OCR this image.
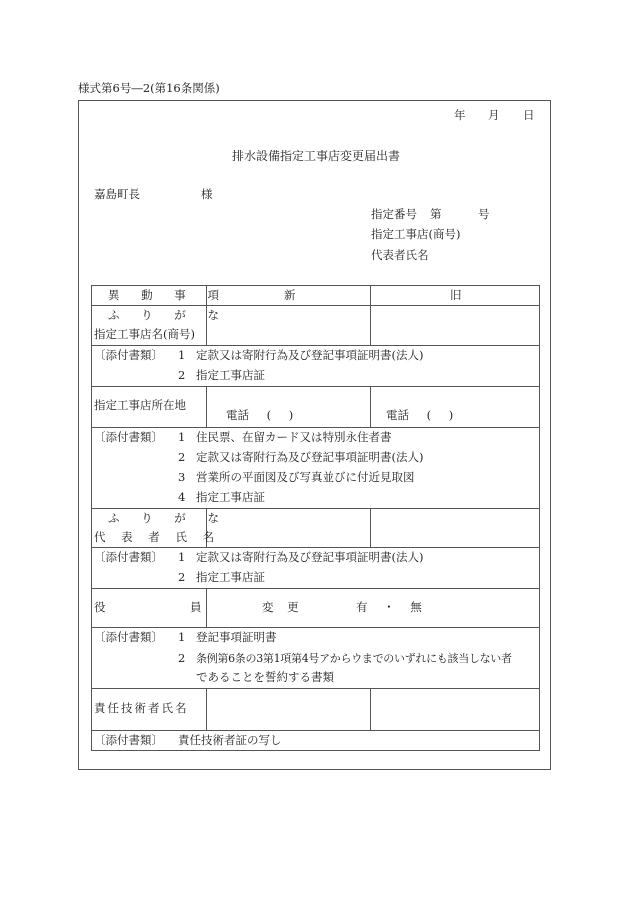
様式第6号―2(第16条関係)
年 月 日
排水設備指定工事店変更届出書
嘉島町長	様
指定番号 第	号
指定工事店(商号)
代表者氏名
異 動 事 項	新	旧
ふ り が な
指定工事店名(商号)
〔添付書類〕 1 定款又は寄附行為及び登記事項証明書(法人)
2 指定工事店証
指定工事店所在地
電話 ( )	電話 ( )
〔添付書類〕 1 住民票、在留カード又は特別永住者書
2 定款又は寄附行為及び登記事項証明書(法人)
3 営業所の平面図及び写真並びに付近見取図
4 指定工事店証
ふ り が な
代 表 者 氏 名
〔添付書類〕 1 定款又は寄附行為及び登記事項証明書(法人)
2 指定工事店証
役	員	変 更	有 ・ 無
〔添付書類〕 1 登記事項証明書
2 条例第6条の3第1項第4号アからウまでのいずれにも該当しない者
であることを誓約する書類
責任技術者氏名
〔添付書類〕 責任技術者証の写し
